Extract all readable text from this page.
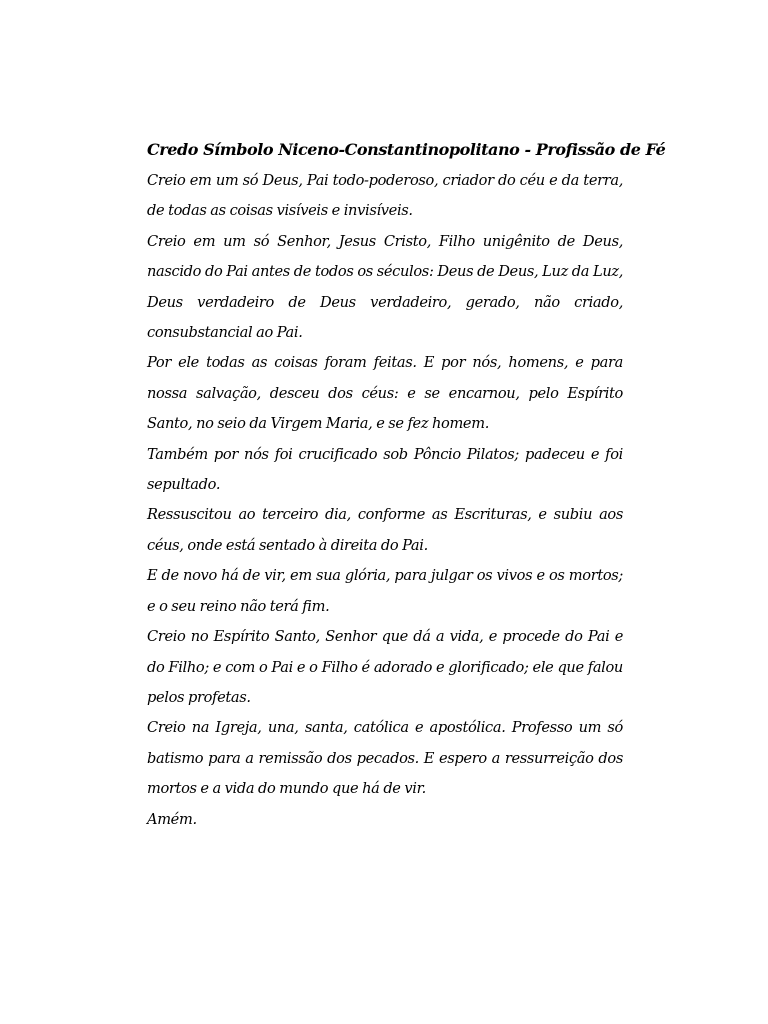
Credo Símbolo Niceno-Constantinopolitano - Profissão de Fé

Creio em um só Deus, Pai todo-poderoso, criador do céu e da terra, de todas as coisas visíveis e invisíveis.

Creio em um só Senhor, Jesus Cristo, Filho unigênito de Deus, nascido do Pai antes de todos os séculos: Deus de Deus, Luz da Luz, Deus verdadeiro de Deus verdadeiro, gerado, não criado, consubstancial ao Pai.

Por ele todas as coisas foram feitas. E por nós, homens, e para nossa salvação, desceu dos céus: e se encarnou, pelo Espírito Santo, no seio da Virgem Maria, e se fez homem.

Também por nós foi crucificado sob Pôncio Pilatos; padeceu e foi sepultado.

Ressuscitou ao terceiro dia, conforme as Escrituras, e subiu aos céus, onde está sentado à direita do Pai.

E de novo há de vir, em sua glória, para julgar os vivos e os mortos; e o seu reino não terá fim.

Creio no Espírito Santo, Senhor que dá a vida, e procede do Pai e do Filho; e com o Pai e o Filho é adorado e glorificado; ele que falou pelos profetas.

Creio na Igreja, una, santa, católica e apostólica. Professo um só batismo para a remissão dos pecados. E espero a ressurreição dos mortos e a vida do mundo que há de vir.

Amém.
